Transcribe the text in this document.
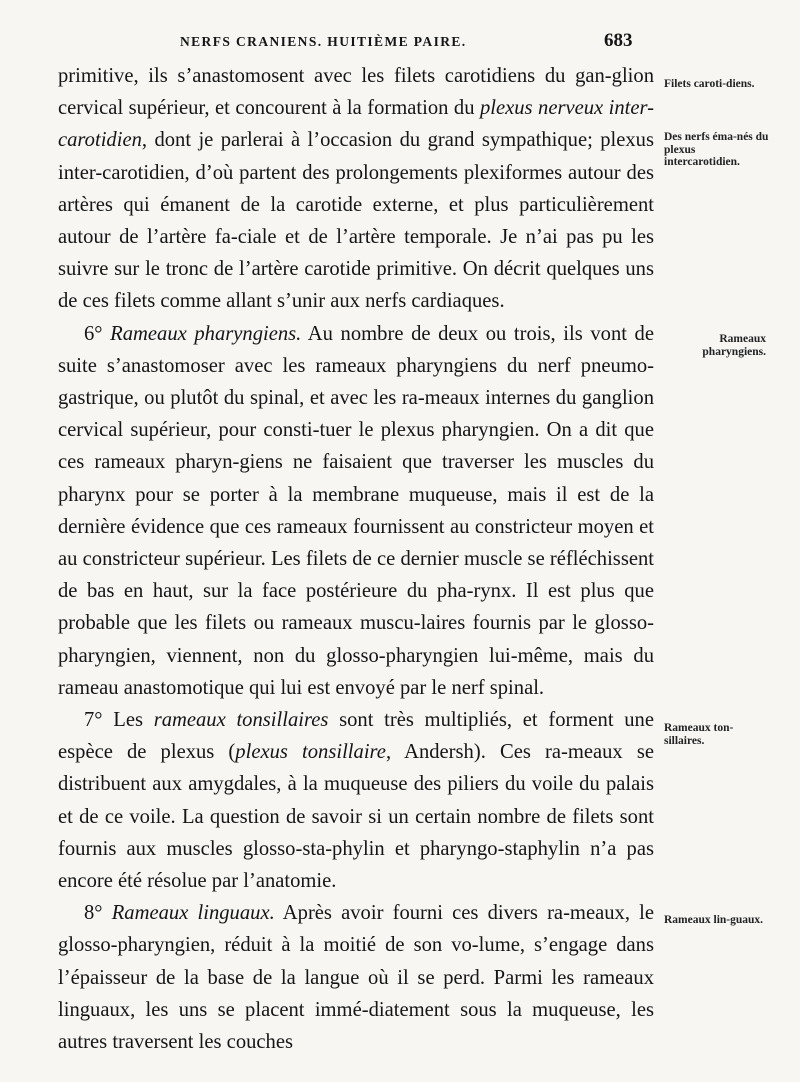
NERFS CRANIENS. HUITIÈME PAIRE.	683

primitive, ils s’anastomosent avec les filets carotidiens du gan-glion cervical supérieur, et concourent à la formation du plexus nerveux inter-carotidien, dont je parlerai à l’occasion du grand sympathique; plexus inter-carotidien, d’où partent des prolongements plexiformes autour des artères qui émanent de la carotide externe, et plus particulièrement autour de l’artère fa-ciale et de l’artère temporale. Je n’ai pas pu les suivre sur le tronc de l’artère carotide primitive. On décrit quelques uns de ces filets comme allant s’unir aux nerfs cardiaques.

6° Rameaux pharyngiens. Au nombre de deux ou trois, ils vont de suite s’anastomoser avec les rameaux pharyngiens du nerf pneumo-gastrique, ou plutôt du spinal, et avec les ra-meaux internes du ganglion cervical supérieur, pour consti-tuer le plexus pharyngien. On a dit que ces rameaux pharyn-giens ne faisaient que traverser les muscles du pharynx pour se porter à la membrane muqueuse, mais il est de la dernière évidence que ces rameaux fournissent au constricteur moyen et au constricteur supérieur. Les filets de ce dernier muscle se réfléchissent de bas en haut, sur la face postérieure du pha-rynx. Il est plus que probable que les filets ou rameaux muscu-laires fournis par le glosso-pharyngien, viennent, non du glosso-pharyngien lui-même, mais du rameau anastomotique qui lui est envoyé par le nerf spinal.

7° Les rameaux tonsillaires sont très multipliés, et forment une espèce de plexus (plexus tonsillaire, Andersh). Ces ra-meaux se distribuent aux amygdales, à la muqueuse des piliers du voile du palais et de ce voile. La question de savoir si un certain nombre de filets sont fournis aux muscles glosso-sta-phylin et pharyngo-staphylin n’a pas encore été résolue par l’anatomie.

8° Rameaux linguaux. Après avoir fourni ces divers ra-meaux, le glosso-pharyngien, réduit à la moitié de son vo-lume, s’engage dans l’épaisseur de la base de la langue où il se perd. Parmi les rameaux linguaux, les uns se placent immé-diatement sous la muqueuse, les autres traversent les couches

Filets caroti-diens.
Des nerfs éma-nés du plexus intercarotidien.
Rameaux pharyngiens.
Rameaux ton-sillaires.
Rameaux lin-guaux.
